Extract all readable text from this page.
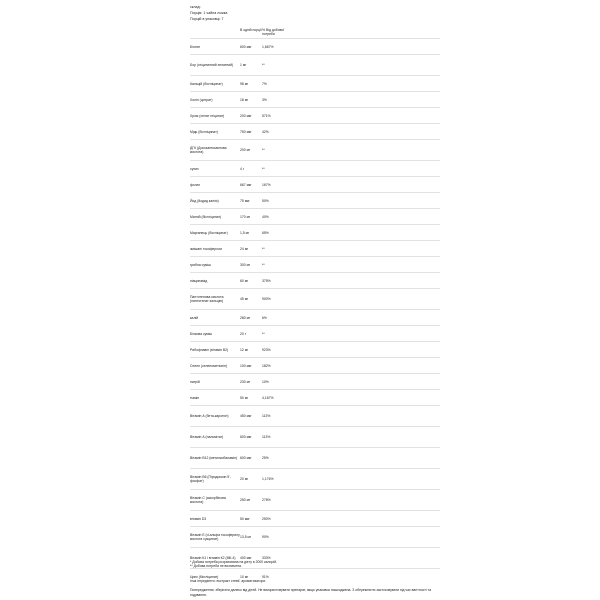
склад:
Порція: 1 чайна ложка
Порцій в упаковці: 7
В одній порції % Від добової потреби
Біотин	600 мкг	1,667%
Бор (гліцинатний хелатний)	1 мг	**
Кальцій (бісгліцинат)	98 мг	7%
Холін (цитрат)	18 мг	3%
Хром (хелат гліцинат)	200 мкг	571%
Мідь (бісгліцинат)	750 мкг	42%
ДГК (Докозагексаєнова кислота)	200 мг	**
сухих	4 г	**
фолат	667 мкг	167%
Йод (йодид калію)	75 мкг	50%
Магній (бісгліцинат)	170 мг	40%
Марганець (бісгліцинат)	1,5 мг	65%
змішані токофероли	24 мг	**
грибна суміш	300 мг	**
ніацинамід	60 мг	375%
Пантотенова кислота (пантотенат кальцію)	45 мг	900%
калій	280 мг	6%
Білкова суміш	20 г	**
Рибофлавін (вітамін B2)	12 мг	923%
Селен (селенометіонін)	100 мкг	182%
натрій	230 мг	10%
тіамін	50 мг	4,167%
Вітамін А (бета-каротин)	450 мкг	113%
Вітамін А (пальмітат)	600 мкг	113%
Вітамін B12 (метилкобаламін) 600 мкг	25%
Вітамін B6 (Піридоксин 5'-фосфат)	20 мг	1,176%
Вітамін С (аскорбінова кислота)	250 мг	278%
вітамін D3	50 мкг	250%
Вітамін Е (d-альфа токоферилу кислота сукцинат)	13,5 мг	90%
Вітамін К1 і вітамін К2 (МК-4)	400 мкг	333%
Цинк (бісгліцинат)	10 мг	91%
* Добова потреба розрахована на дієту в 2000 калорій.
** Добова потреба не визначена.
Інші інгредієнти: екстракт стевії, ароматизатори.
Попередження: зберігати далеко від дітей. Не використовувати препарат, якщо упаковка пошкоджена. З обережністю застосовувати під час вагітності та годування.
